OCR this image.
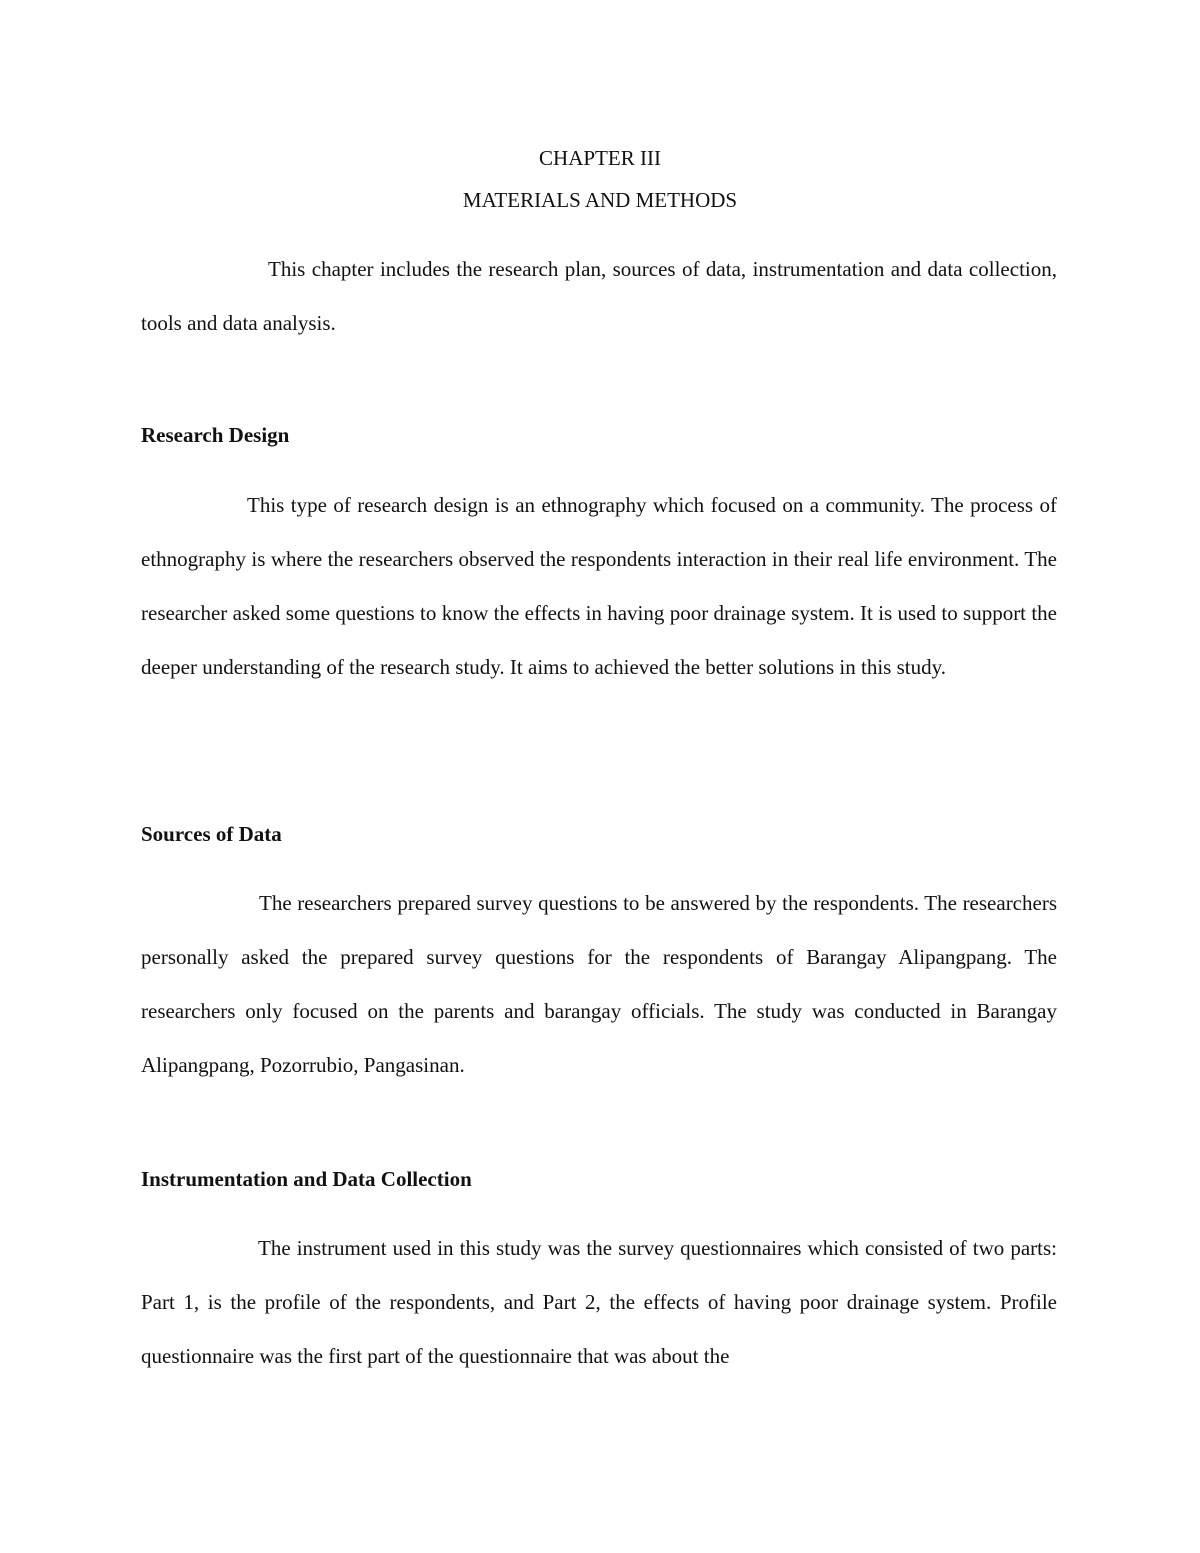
CHAPTER III
MATERIALS AND METHODS

This chapter includes the research plan, sources of data, instrumentation and data collection, tools and data analysis.

Research Design

This type of research design is an ethnography which focused on a community. The process of ethnography is where the researchers observed the respondents interaction in their real life environment. The researcher asked some questions to know the effects in having poor drainage system. It is used to support the deeper understanding of the research study. It aims to achieved the better solutions in this study.

Sources of Data

The researchers prepared survey questions to be answered by the respondents. The researchers personally asked the prepared survey questions for the respondents of Barangay Alipangpang. The researchers only focused on the parents and barangay officials. The study was conducted in Barangay Alipangpang, Pozorrubio, Pangasinan.

Instrumentation and Data Collection

The instrument used in this study was the survey questionnaires which consisted of two parts: Part 1, is the profile of the respondents, and Part 2, the effects of having poor drainage system. Profile questionnaire was the first part of the questionnaire that was about the
